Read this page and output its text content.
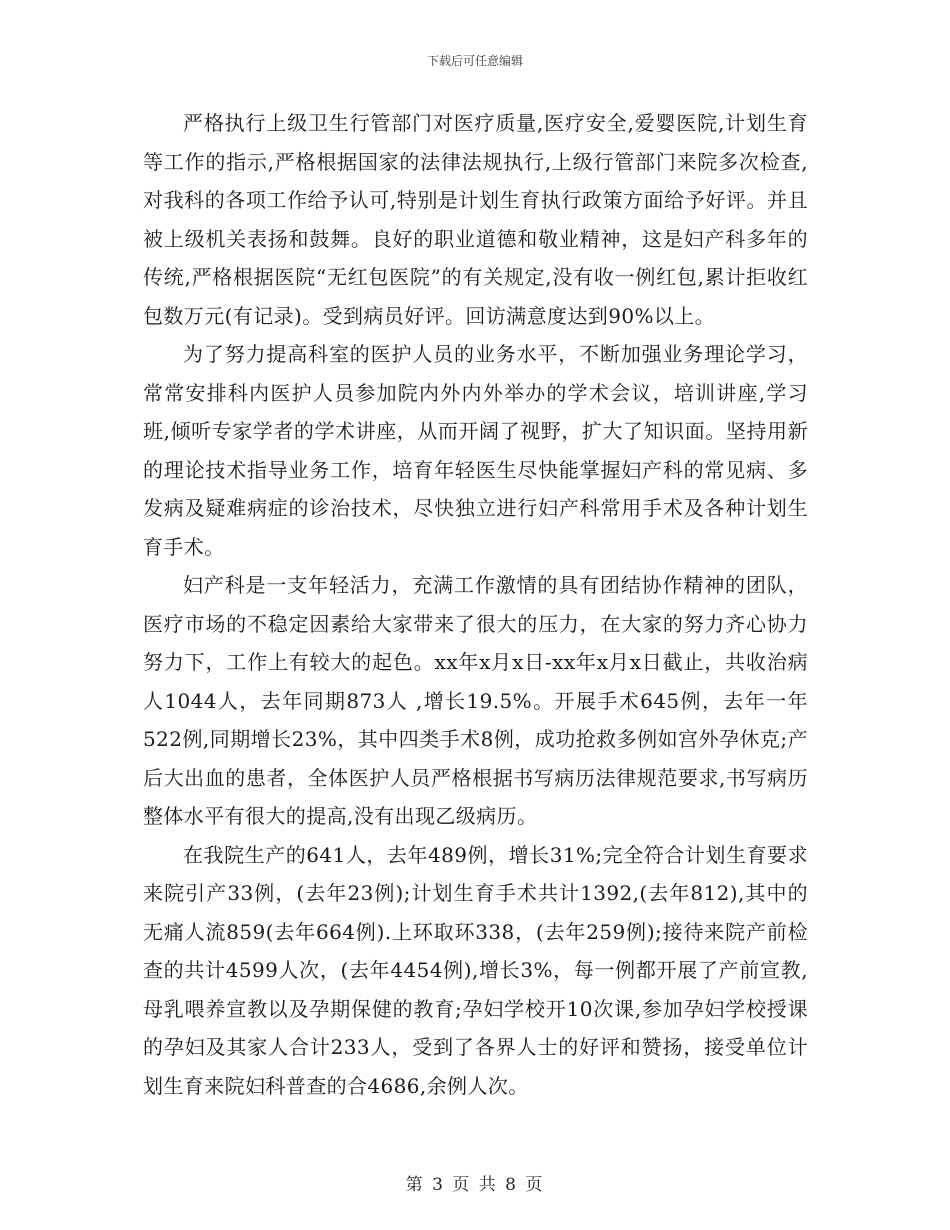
下载后可任意编辑

严格执行上级卫生行管部门对医疗质量,医疗安全,爱婴医院,计划生育等工作的指示,严格根据国家的法律法规执行,上级行管部门来院多次检查,对我科的各项工作给予认可,特别是计划生育执行政策方面给予好评。并且被上级机关表扬和鼓舞。良好的职业道德和敬业精神，这是妇产科多年的传统,严格根据医院“无红包医院”的有关规定,没有收一例红包,累计拒收红包数万元(有记录)。受到病员好评。回访满意度达到90%以上。

为了努力提高科室的医护人员的业务水平，不断加强业务理论学习，常常安排科内医护人员参加院内外内外举办的学术会议，培训讲座,学习班,倾听专家学者的学术讲座，从而开阔了视野，扩大了知识面。坚持用新的理论技术指导业务工作，培育年轻医生尽快能掌握妇产科的常见病、多发病及疑难病症的诊治技术，尽快独立进行妇产科常用手术及各种计划生育手术。

妇产科是一支年轻活力，充满工作激情的具有团结协作精神的团队，医疗市场的不稳定因素给大家带来了很大的压力，在大家的努力齐心协力努力下，工作上有较大的起色。xx年x月x日-xx年x月x日截止，共收治病人1044人，去年同期873人 ,增长19.5%。开展手术645例，去年一年522例,同期增长23%，其中四类手术8例，成功抢救多例如宫外孕休克;产后大出血的患者，全体医护人员严格根据书写病历法律规范要求,书写病历整体水平有很大的提高,没有出现乙级病历。

在我院生产的641人，去年489例，增长31%;完全符合计划生育要求来院引产33例，(去年23例);计划生育手术共计1392,(去年812),其中的无痛人流859(去年664例).上环取环338，(去年259例);接待来院产前检查的共计4599人次，(去年4454例),增长3%，每一例都开展了产前宣教,母乳喂养宣教以及孕期保健的教育;孕妇学校开10次课,参加孕妇学校授课的孕妇及其家人合计233人，受到了各界人士的好评和赞扬，接受单位计划生育来院妇科普查的合4686,余例人次。

第 3 页 共 8 页
